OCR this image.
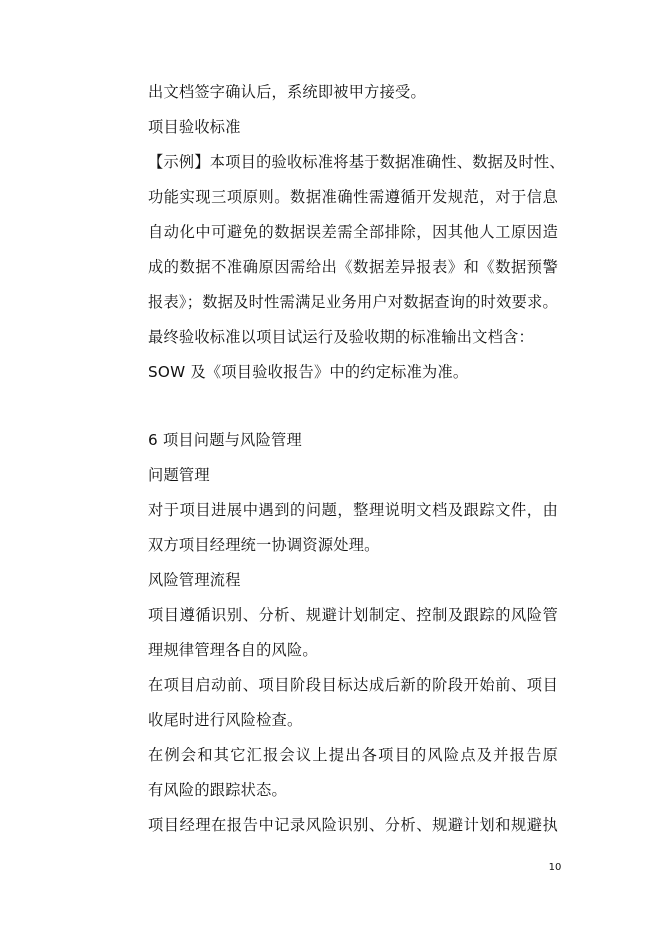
出文档签字确认后，系统即被甲方接受。
项目验收标准
【示例】本项目的验收标准将基于数据准确性、数据及时性、
功能实现三项原则。数据准确性需遵循开发规范，对于信息
自动化中可避免的数据误差需全部排除，因其他人工原因造
成的数据不准确原因需给出《数据差异报表》和《数据预警
报表》；数据及时性需满足业务用户对数据查询的时效要求。
最终验收标准以项目试运行及验收期的标准输出文档含：
SOW 及《项目验收报告》中的约定标准为准。
6 项目问题与风险管理
问题管理
对于项目进展中遇到的问题，整理说明文档及跟踪文件，由
双方项目经理统一协调资源处理。
风险管理流程
项目遵循识别、分析、规避计划制定、控制及跟踪的风险管
理规律管理各自的风险。
在项目启动前、项目阶段目标达成后新的阶段开始前、项目
收尾时进行风险检查。
在例会和其它汇报会议上提出各项目的风险点及并报告原
有风险的跟踪状态。
项目经理在报告中记录风险识别、分析、规避计划和规避执
10
